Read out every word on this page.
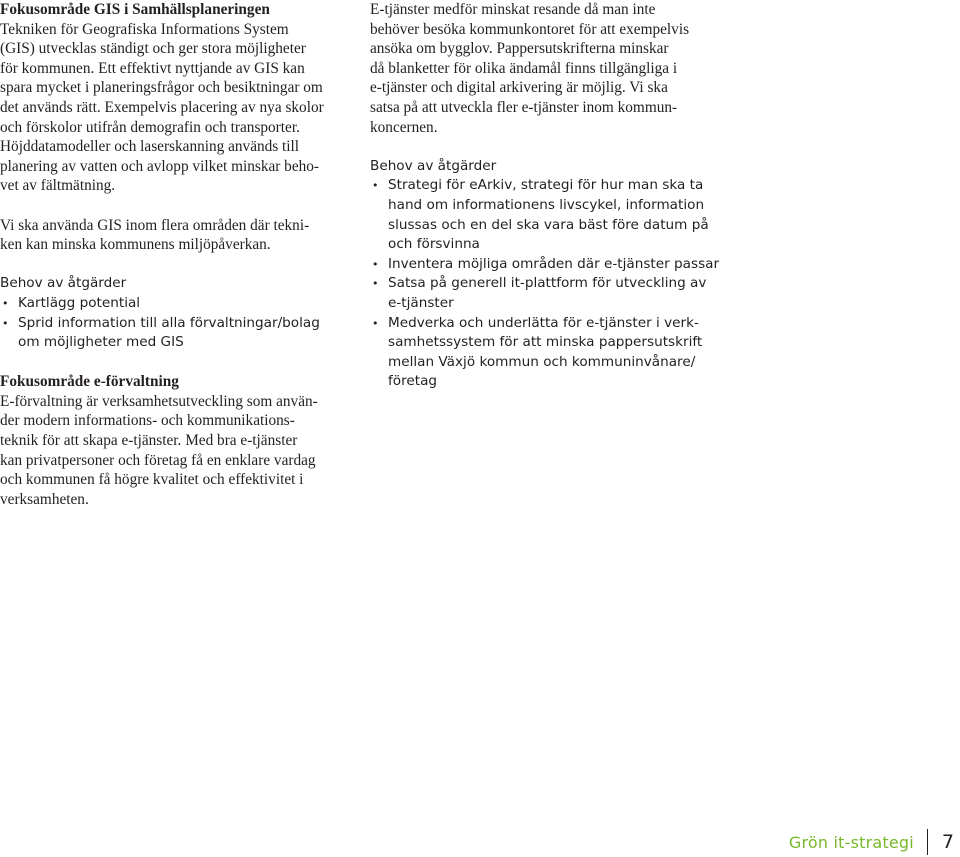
Fokusområde GIS i Samhällsplaneringen
Tekniken för Geografiska Informations System
(GIS) utvecklas ständigt och ger stora möjligheter
för kommunen. Ett effektivt nyttjande av GIS kan
spara mycket i planeringsfrågor och besiktningar om
det används rätt. Exempelvis placering av nya skolor
och förskolor utifrån demografin och transporter.
Höjddatamodeller och laserskanning används till
planering av vatten och avlopp vilket minskar beho-
vet av fältmätning.
Vi ska använda GIS inom flera områden där tekni-
ken kan minska kommunens miljöpåverkan.
Behov av åtgärder
• Kartlägg potential
• Sprid information till alla förvaltningar/bolag
om möjligheter med GIS
Fokusområde e-förvaltning
E-förvaltning är verksamhetsutveckling som använ-
der modern informations- och kommunikations-
teknik för att skapa e-tjänster. Med bra e-tjänster
kan privatpersoner och företag få en enklare vardag
och kommunen få högre kvalitet och effektivitet i
verksamheten.
E-tjänster medför minskat resande då man inte
behöver besöka kommunkontoret för att exempelvis
ansöka om bygglov. Pappersutskrifterna minskar
då blanketter för olika ändamål finns tillgängliga i
e-tjänster och digital arkivering är möjlig. Vi ska
satsa på att utveckla fler e-tjänster inom kommun-
koncernen.
Behov av åtgärder
• Strategi för eArkiv, strategi för hur man ska ta
hand om informationens livscykel, information
slussas och en del ska vara bäst före datum på
och försvinna
• Inventera möjliga områden där e-tjänster passar
• Satsa på generell it-plattform för utveckling av
e-tjänster
• Medverka och underlätta för e-tjänster i verk-
samhetssystem för att minska pappersutskrift
mellan Växjö kommun och kommuninvånare/
företag
Grön it-strategi 7
